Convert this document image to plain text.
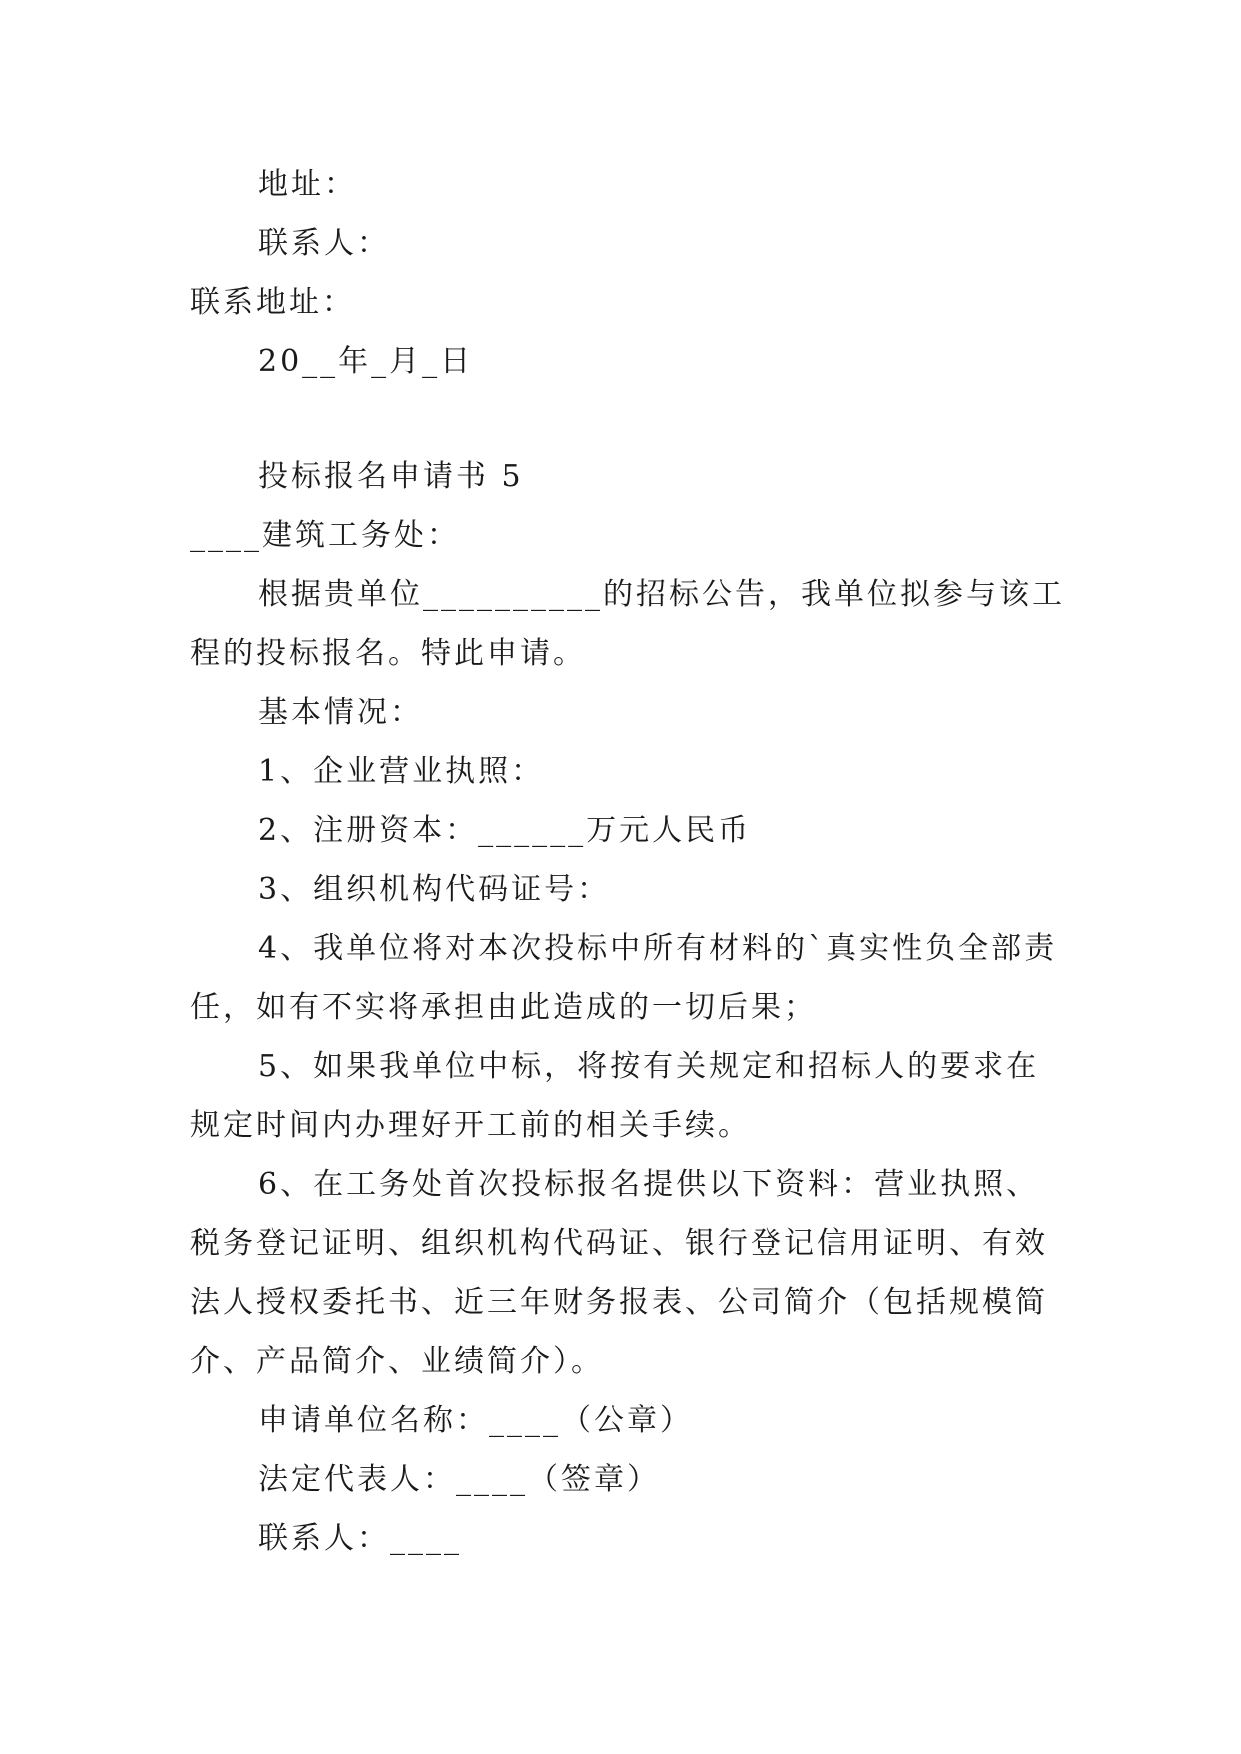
地址：
联系人：
联系地址：
20__年_月_日
投标报名申请书 5
____建筑工务处：
根据贵单位__________的招标公告，我单位拟参与该工
程的投标报名。特此申请。
基本情况：
1、企业营业执照：
2、注册资本：______万元人民币
3、组织机构代码证号：
4、我单位将对本次投标中所有材料的`真实性负全部责
任，如有不实将承担由此造成的一切后果；
5、如果我单位中标，将按有关规定和招标人的要求在
规定时间内办理好开工前的相关手续。
6、在工务处首次投标报名提供以下资料：营业执照、
税务登记证明、组织机构代码证、银行登记信用证明、有效
法人授权委托书、近三年财务报表、公司简介（包括规模简
介、产品简介、业绩简介）。
申请单位名称：____（公章）
法定代表人：____（签章）
联系人：____
